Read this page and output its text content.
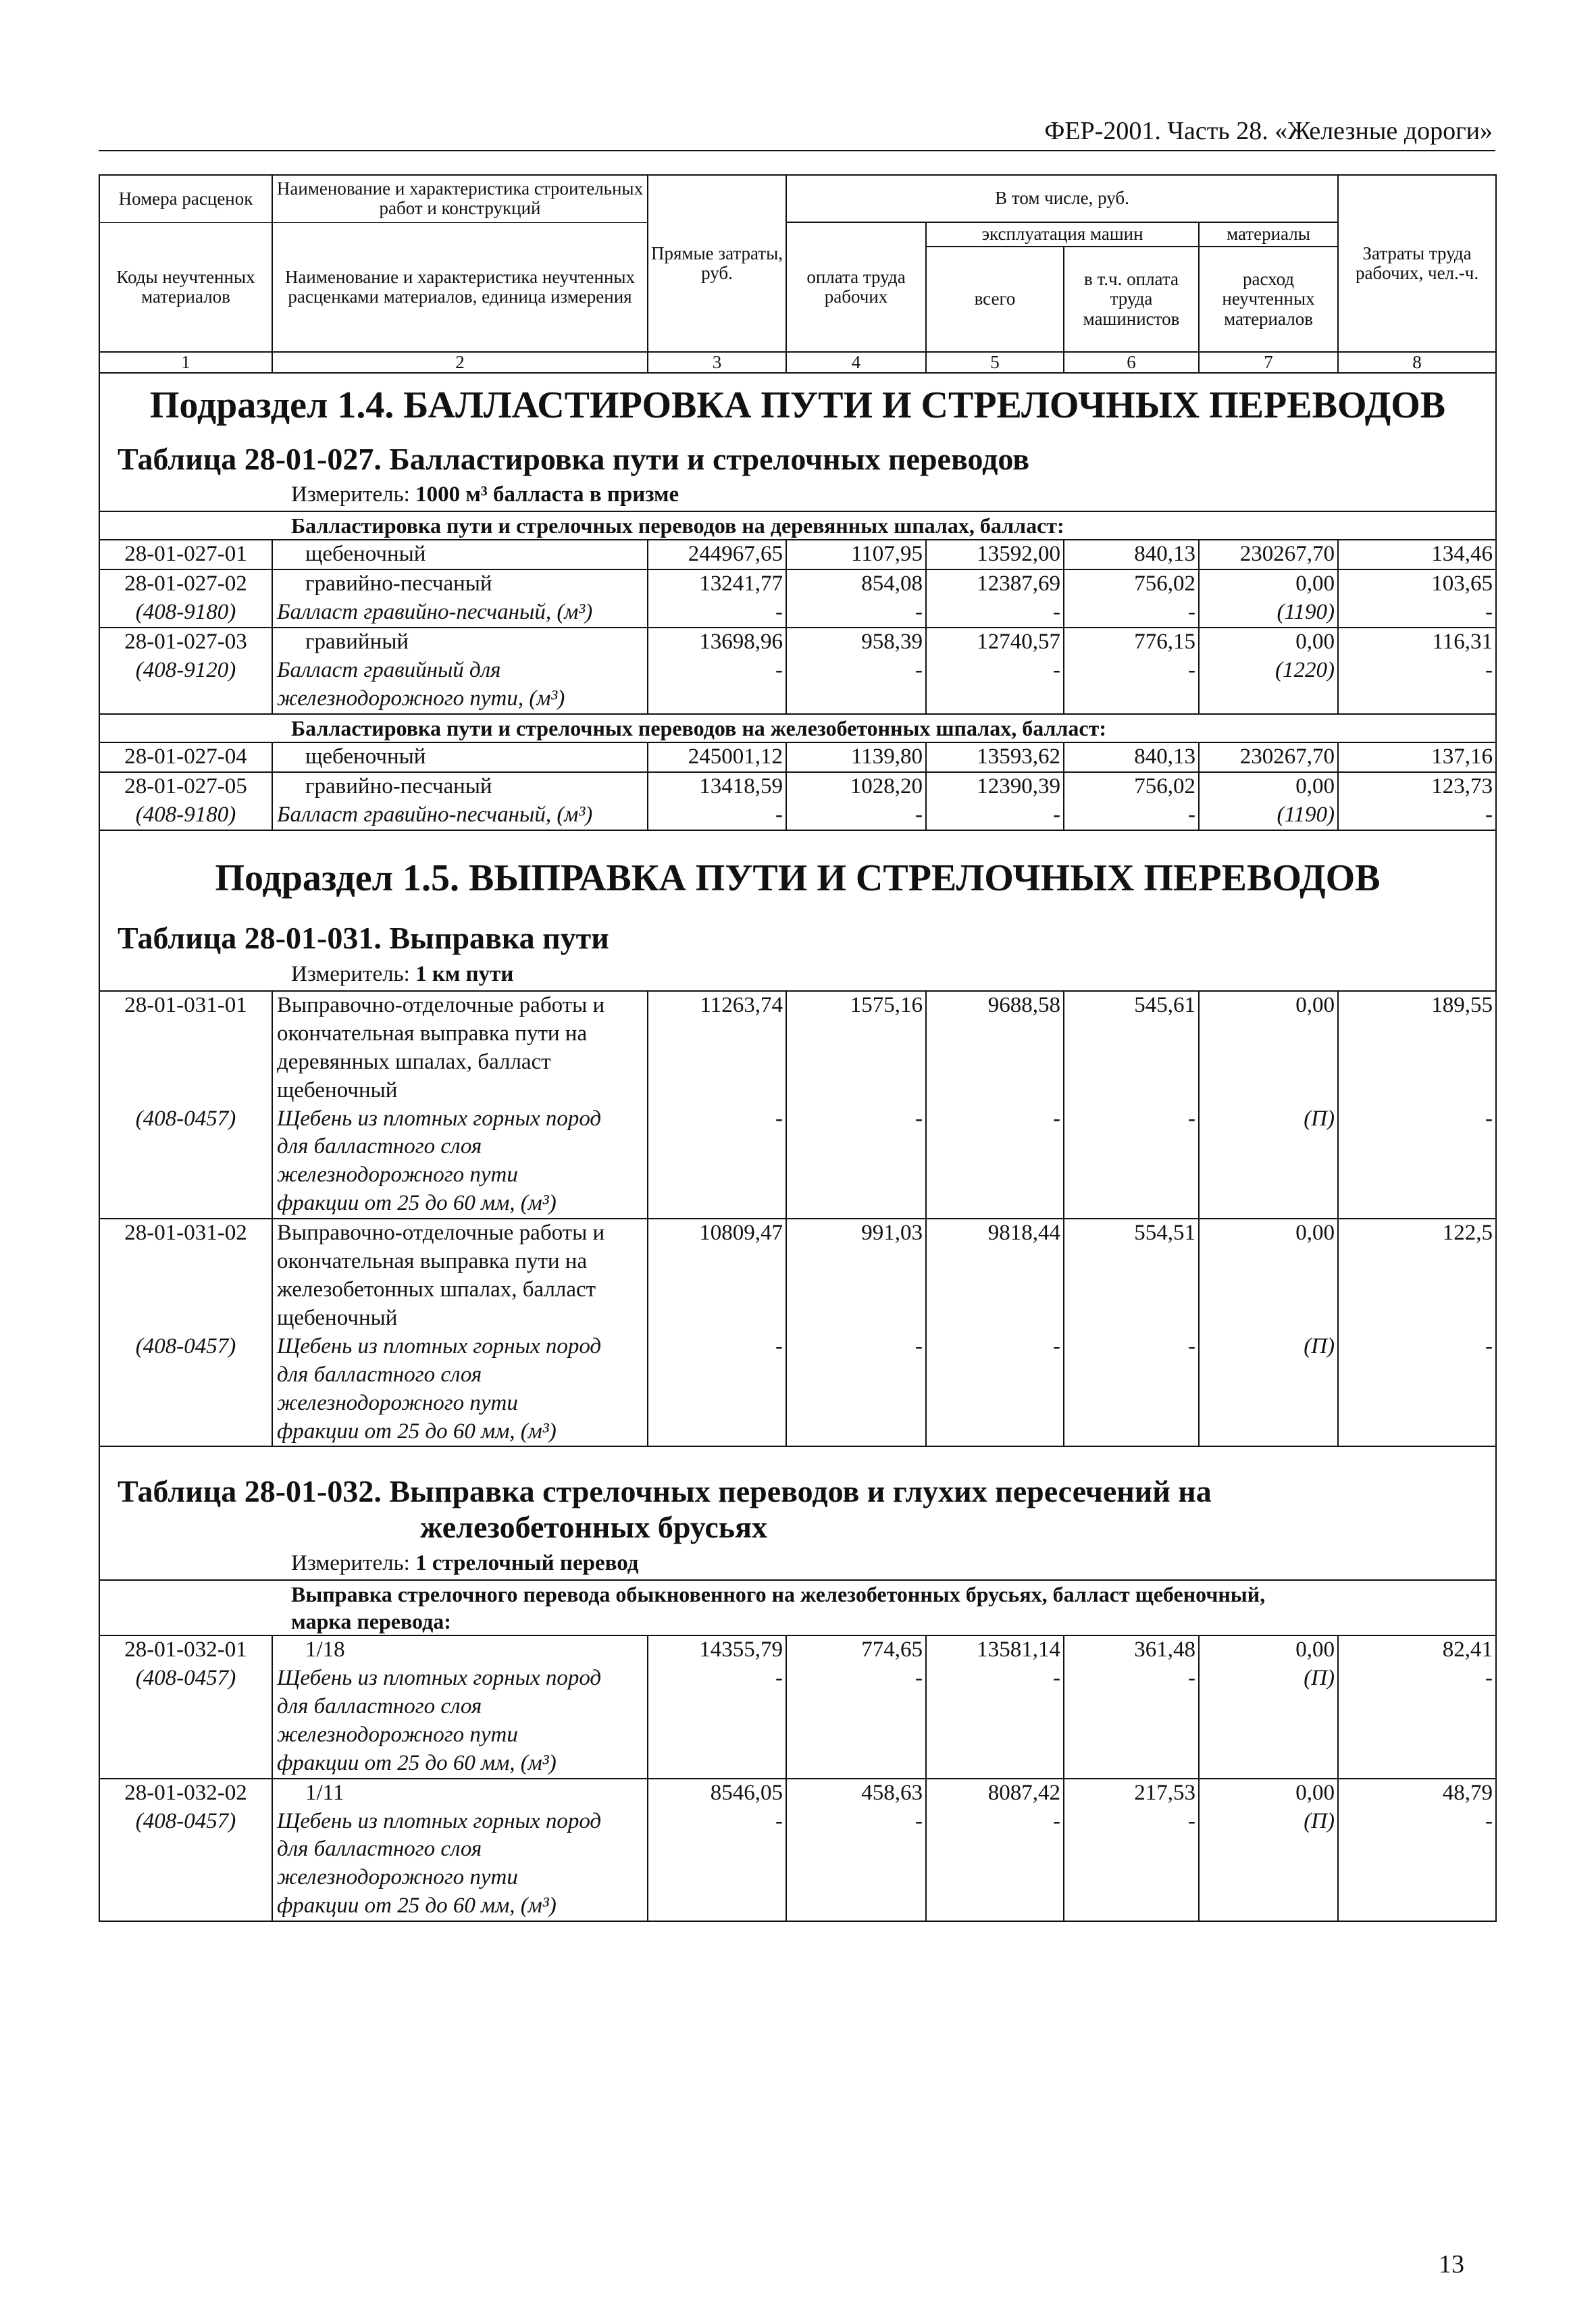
ФЕР-2001. Часть 28. «Железные дороги»
Номера расценок	Наименование и характеристика строительных работ и конструкций	Прямые затраты, руб.	В том числе, руб.				Затраты труда рабочих, чел.-ч.
Коды неучтенных материалов	Наименование и характеристика неучтенных расценками материалов, единица измерения		оплата труда рабочих	эксплуатация машин		материалы	
				всего	в т.ч. оплата труда машинистов	расход неучтенных материалов	
1	2	3	4	5	6	7	8
Подраздел 1.4. БАЛЛАСТИРОВКА ПУТИ И СТРЕЛОЧНЫХ ПЕРЕВОДОВ							

Таблица 28-01-027. Балластировка пути и стрелочных переводов
Измеритель: 1000 м³ балласта в призме							

Балластировка пути и стрелочных переводов на деревянных шпалах, балласт:							

28-01-027-01	щебеночный	244967,65	1107,95	13592,00	840,13	230267,70	134,46
28-01-027-02	гравийно-песчаный	13241,77	854,08	12387,69	756,02	0,00	103,65
(408-9180)	Балласт гравийно-песчаный, (м³)	-	-	-	-	(1190)	-
28-01-027-03	гравийный	13698,96	958,39	12740,57	776,15	0,00	116,31
(408-9120)	Балласт гравийный для
железнодорожного пути, (м³)	-	-	-	-	(1220)	-

Балластировка пути и стрелочных переводов на железобетонных шпалах, балласт:							

28-01-027-04	щебеночный	245001,12	1139,80	13593,62	840,13	230267,70	137,16
28-01-027-05	гравийно-песчаный	13418,59	1028,20	12390,39	756,02	0,00	123,73
(408-9180)	Балласт гравийно-песчаный, (м³)	-	-	-	-	(1190)	-

Подраздел 1.5. ВЫПРАВКА ПУТИ И СТРЕЛОЧНЫХ ПЕРЕВОДОВ
Таблица 28-01-031. Выправка пути
Измеритель: 1 км пути							

28-01-031-01	Выправочно-отделочные работы и
окончательная выправка пути на
деревянных шпалах, балласт
щебеночный	11263,74	1575,16	9688,58	545,61	0,00	189,55
(408-0457)	Щебень из плотных горных пород
для балластного слоя
железнодорожного пути
фракции от 25 до 60 мм, (м³)	-	-	-	-	(П)	-
28-01-031-02	Выправочно-отделочные работы и
окончательная выправка пути на
железобетонных шпалах, балласт
щебеночный	10809,47	991,03	9818,44	554,51	0,00	122,5
(408-0457)	Щебень из плотных горных пород
для балластного слоя
железнодорожного пути
фракции от 25 до 60 мм, (м³)	-	-	-	-	(П)	-

Таблица 28-01-032. Выправка стрелочных переводов и глухих пересечений на
железобетонных брусьях
Измеритель: 1 стрелочный перевод							

Выправка стрелочного перевода обыкновенного на железобетонных брусьях, балласт щебеночный,
марка перевода:							

28-01-032-01	1/18	14355,79	774,65	13581,14	361,48	0,00	82,41
(408-0457)	Щебень из плотных горных пород
для балластного слоя
железнодорожного пути
фракции от 25 до 60 мм, (м³)	-	-	-	-	(П)	-
28-01-032-02	1/11	8546,05	458,63	8087,42	217,53	0,00	48,79
(408-0457)	Щебень из плотных горных пород
для балластного слоя
железнодорожного пути
фракции от 25 до 60 мм, (м³)	-	-	-	-	(П)	-
13
